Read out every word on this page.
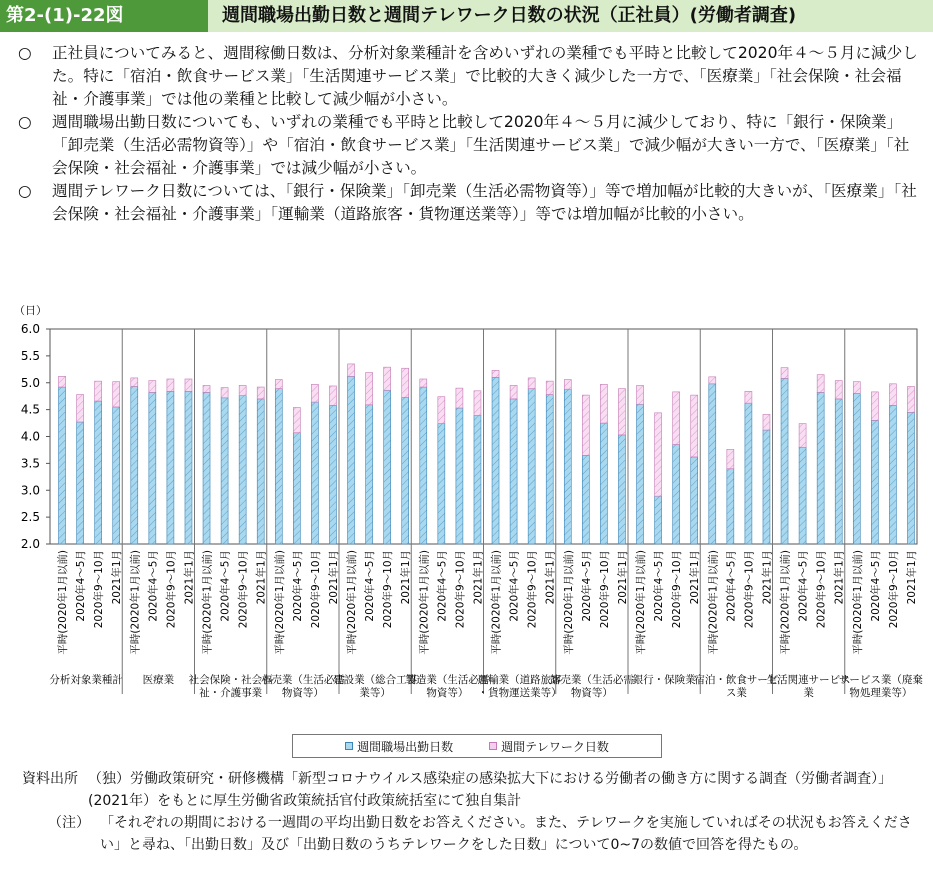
第2-(1)-22図	週間職場出勤日数と週間テレワーク日数の状況（正社員）(労働者調査)
○	正社員についてみると、週間稼働日数は、分析対象業種計を含めいずれの業種でも平時と比較して2020年４～５月に減少した。特に「宿泊・飲食サービス業」「生活関連サービス業」で比較的大きく減少した一方で、「医療業」「社会保険・社会福祉・介護事業」では他の業種と比較して減少幅が小さい。
○	週間職場出勤日数についても、いずれの業種でも平時と比較して2020年４～５月に減少しており、特に「銀行・保険業」「卸売業（生活必需物資等）」や「宿泊・飲食サービス業」「生活関連サービス業」で減少幅が大きい一方で、「医療業」「社会保険・社会福祉・介護事業」では減少幅が小さい。
○	週間テレワーク日数については、「銀行・保険業」「卸売業（生活必需物資等）」等で増加幅が比較的大きいが、「医療業」「社会保険・社会福祉・介護事業」「運輸業（道路旅客・貨物運送業等）」等では増加幅が比較的小さい。
（日）
2.0
2.5
3.0
3.5
4.0
4.5
5.0
5.5
6.0
平時(2020年1月以前) 2020年4～5月 2020年9～10月 2021年1月
分析対象業種計
平時(2020年1月以前) 2020年4～5月 2020年9～10月 2021年1月
医療業
平時(2020年1月以前) 2020年4～5月 2020年9～10月 2021年1月
社会保険・社会福祉・介護事業
平時(2020年1月以前) 2020年4～5月 2020年9～10月 2021年1月
小売業（生活必需物資等）
平時(2020年1月以前) 2020年4～5月 2020年9～10月 2021年1月
建設業（総合工事業等）
平時(2020年1月以前) 2020年4～5月 2020年9～10月 2021年1月
製造業（生活必需物資等）
平時(2020年1月以前) 2020年4～5月 2020年9～10月 2021年1月
運輸業（道路旅客・貨物運送業等）
平時(2020年1月以前) 2020年4～5月 2020年9～10月 2021年1月
卸売業（生活必需物資等）
平時(2020年1月以前) 2020年4～5月 2020年9～10月 2021年1月
銀行・保険業
平時(2020年1月以前) 2020年4～5月 2020年9～10月 2021年1月
宿泊・飲食サービス業
平時(2020年1月以前) 2020年4～5月 2020年9～10月 2021年1月
生活関連サービス業
平時(2020年1月以前) 2020年4～5月 2020年9～10月 2021年1月
サービス業（廃棄物処理業等）
週間職場出勤日数	週間テレワーク日数
資料出所 （独）労働政策研究・研修機構「新型コロナウイルス感染症の感染拡大下における労働者の働き方に関する調査（労働者調査）」(2021年）をもとに厚生労働省政策統括官付政策統括室にて独自集計
（注） 「それぞれの期間における一週間の平均出勤日数をお答えください。また、テレワークを実施していればその状況もお答えください」と尋ね、「出勤日数」及び「出勤日数のうちテレワークをした日数」について0~7の数値で回答を得たもの。
